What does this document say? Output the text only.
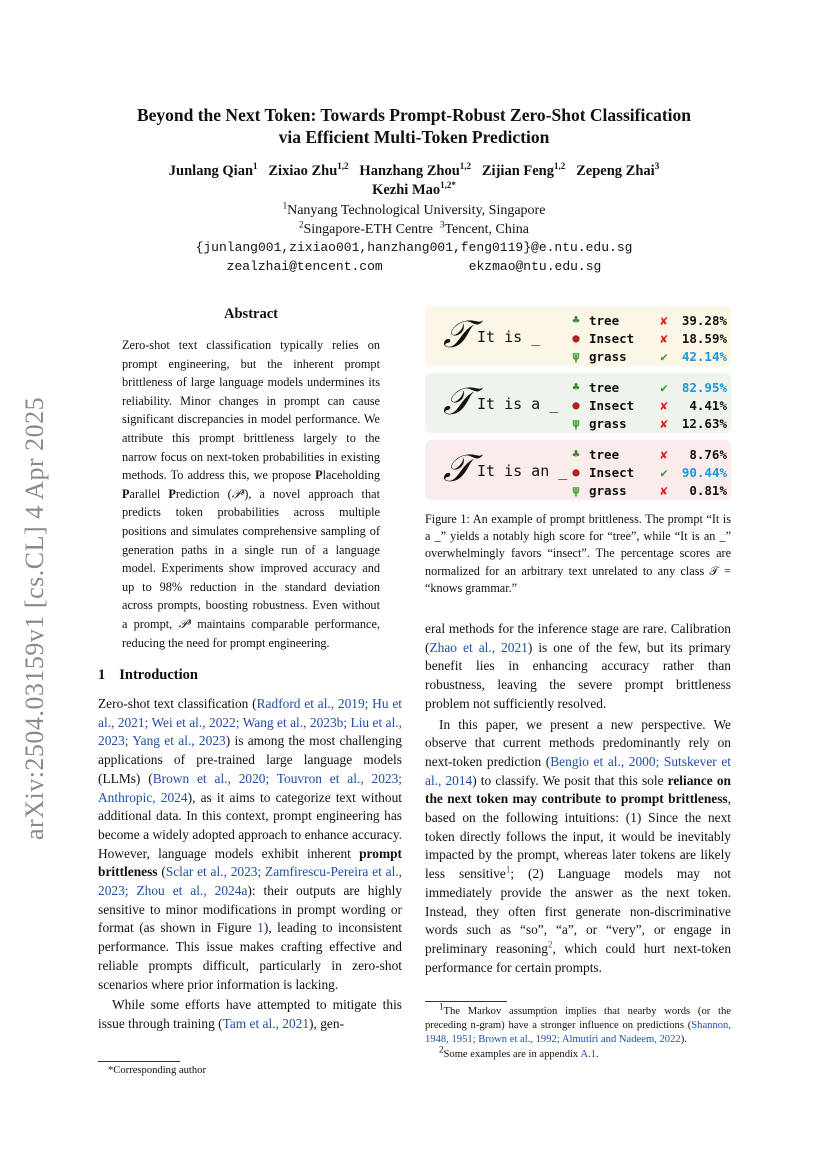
arXiv:2504.03159v1 [cs.CL] 4 Apr 2025
Beyond the Next Token: Towards Prompt-Robust Zero-Shot Classification
via Efficient Multi-Token Prediction
Junlang Qian$^1$ Zixiao Zhu$^{1,2}$ Hanzhang Zhou$^{1,2}$ Zijian Feng$^{1,2}$ Zepeng Zhai$^3$
Kezhi Mao$^{1,2*}$
$^1$Nanyang Technological University, Singapore
$^2$Singapore-ETH Centre $^3$Tencent, China
{junlang001,zixiao001,hanzhang001,feng0119}@e.ntu.edu.sg
zealzhai@tencent.com	ekzmao@ntu.edu.sg
Abstract
Zero-shot text classification typically relies on prompt engineering, but the inherent prompt brittleness of large language models undermines its reliability. Minor changes in prompt can cause significant discrepancies in model performance. We attribute this prompt brittleness largely to the narrow focus on next-token probabilities in existing methods. To address this, we propose Placeholding Parallel Prediction (𝒫³), a novel approach that predicts token probabilities across multiple positions and simulates comprehensive sampling of generation paths in a single run of a language model. Experiments show improved accuracy and up to 98% reduction in the standard deviation across prompts, boosting robustness. Even without a prompt, 𝒫³ maintains comparable performance, reducing the need for prompt engineering.
1 Introduction

Zero-shot text classification (Radford et al., 2019; Hu et al., 2021; Wei et al., 2022; Wang et al., 2023b; Liu et al., 2023; Yang et al., 2023) is among the most challenging applications of pre-trained large language models (LLMs) (Brown et al., 2020; Touvron et al., 2023; Anthropic, 2024), as it aims to categorize text without additional data. In this context, prompt engineering has become a widely adopted approach to enhance accuracy. However, language models exhibit inherent prompt brittleness (Sclar et al., 2023; Zamfirescu-Pereira et al., 2023; Zhou et al., 2024a): their outputs are highly sensitive to minor modifications in prompt wording or format (as shown in Figure 1), leading to inconsistent performance. This issue makes crafting effective and reliable prompts difficult, particularly in zero-shot scenarios where prior information is lacking.

While some efforts have attempted to mitigate this issue through training (Tam et al., 2021), gen-

*Corresponding author
𝒯 It is _
♣ tree	✘	39.28%
● Insect	✘	18.59%
ψ grass	✔	42.14%
𝒯 It is a _
♣ tree	✔	82.95%
● Insect	✘	4.41%
ψ grass	✘	12.63%
𝒯 It is an _
♣ tree	✘	8.76%
● Insect	✔	90.44%
ψ grass	✘	0.81%
Figure 1: An example of prompt brittleness. The prompt “It is a _” yields a notably high score for “tree”, while “It is an _” overwhelmingly favors “insect”. The percentage scores are normalized for an arbitrary text unrelated to any class 𝒯 = “knows grammar.”

eral methods for the inference stage are rare. Calibration (Zhao et al., 2021) is one of the few, but its primary benefit lies in enhancing accuracy rather than robustness, leaving the severe prompt brittleness problem not sufficiently resolved.

In this paper, we present a new perspective. We observe that current methods predominantly rely on next-token prediction (Bengio et al., 2000; Sutskever et al., 2014) to classify. We posit that this sole reliance on the next token may contribute to prompt brittleness, based on the following intuitions: (1) Since the next token directly follows the input, it would be inevitably impacted by the prompt, whereas later tokens are likely less sensitive$^1$; (2) Language models may not immediately provide the answer as the next token. Instead, they often first generate non-discriminative words such as “so”, “a”, or “very”, or engage in preliminary reasoning$^2$, which could hurt next-token performance for certain prompts.

$^1$The Markov assumption implies that nearby words (or the preceding n-gram) have a stronger influence on predictions (Shannon, 1948, 1951; Brown et al., 1992; Almutiri and Nadeem, 2022).
$^2$Some examples are in appendix A.1.
